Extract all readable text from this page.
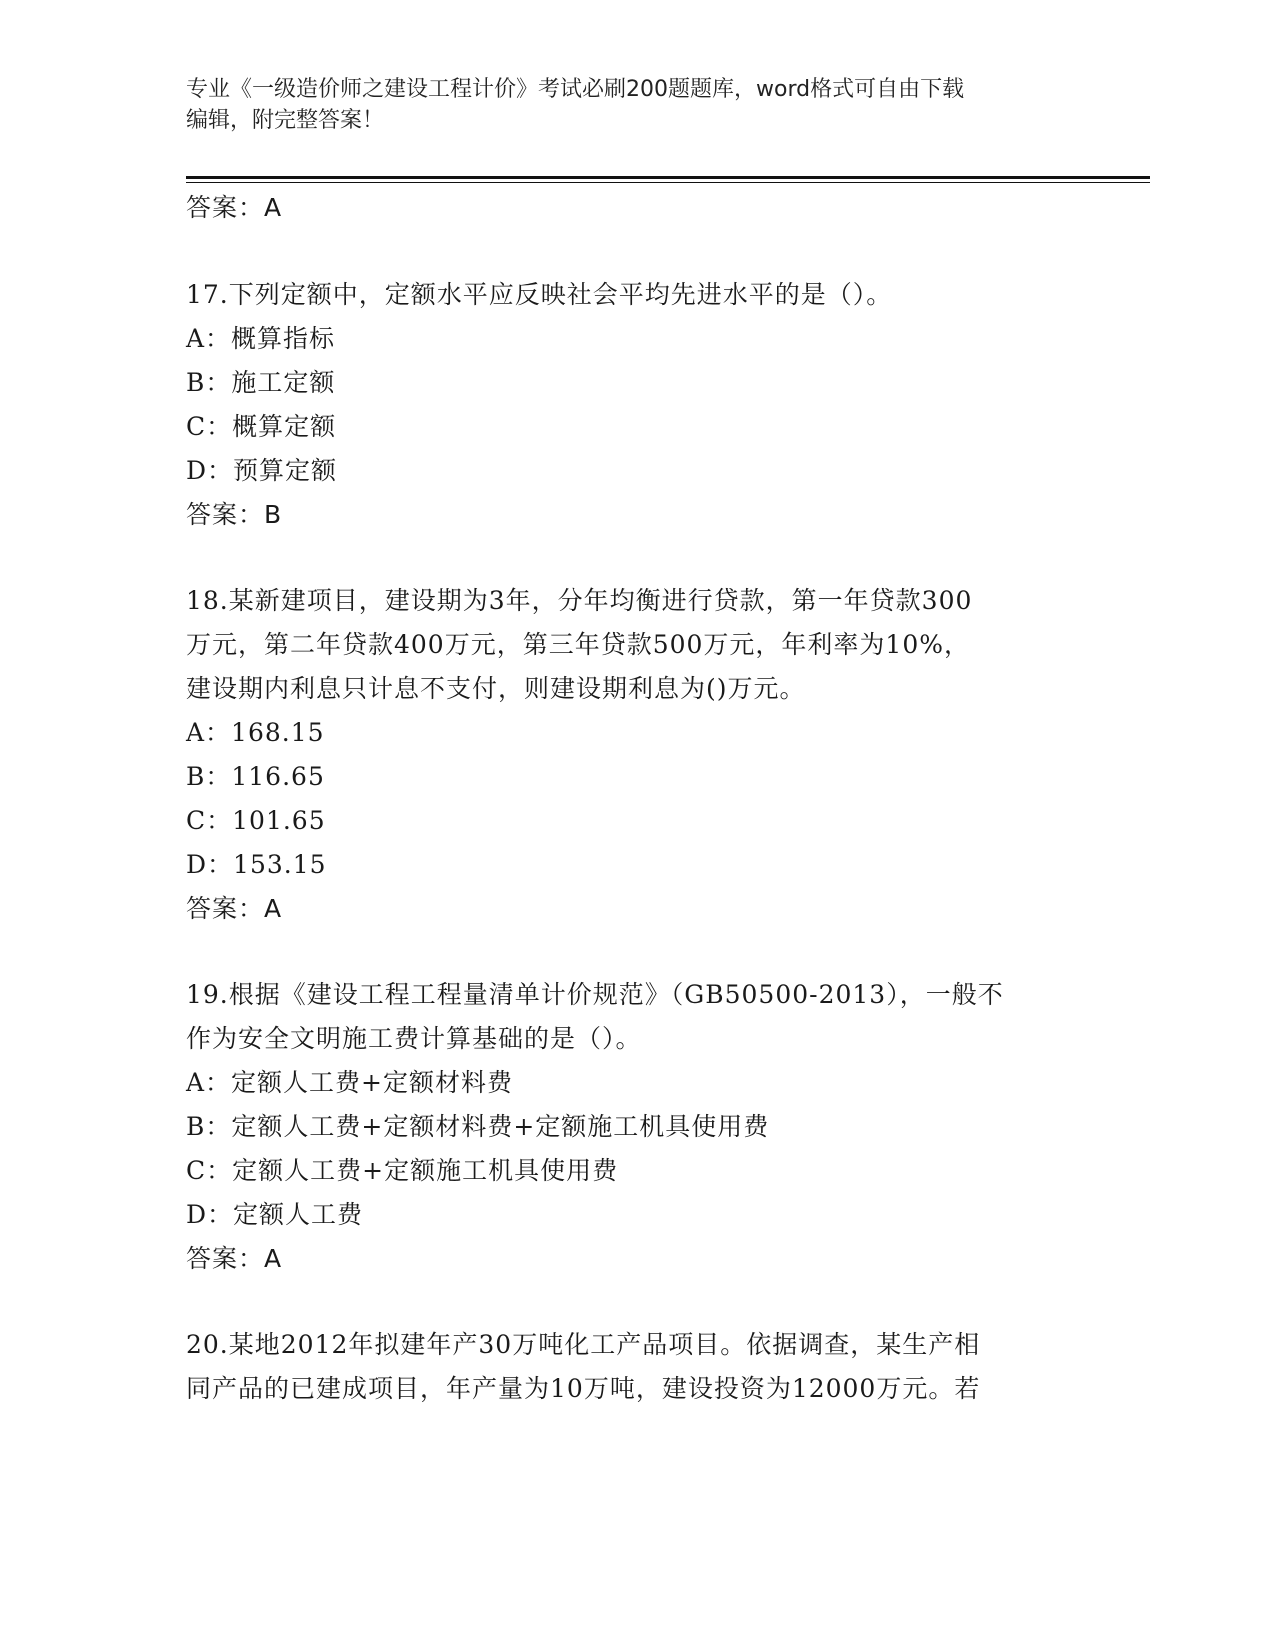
专业《一级造价师之建设工程计价》考试必刷200题题库，word格式可自由下载
编辑，附完整答案！
答案：A
17.下列定额中，定额水平应反映社会平均先进水平的是（）。
A：概算指标
B：施工定额
C：概算定额
D：预算定额
答案：B
18.某新建项目，建设期为3年，分年均衡进行贷款，第一年贷款300
万元，第二年贷款400万元，第三年贷款500万元，年利率为10%，
建设期内利息只计息不支付，则建设期利息为()万元。
A：168.15
B：116.65
C：101.65
D：153.15
答案：A
19.根据《建设工程工程量清单计价规范》（GB50500-2013），一般不
作为安全文明施工费计算基础的是（）。
A：定额人工费+定额材料费
B：定额人工费+定额材料费+定额施工机具使用费
C：定额人工费+定额施工机具使用费
D：定额人工费
答案：A
20.某地2012年拟建年产30万吨化工产品项目。依据调查，某生产相
同产品的已建成项目，年产量为10万吨，建设投资为12000万元。若
